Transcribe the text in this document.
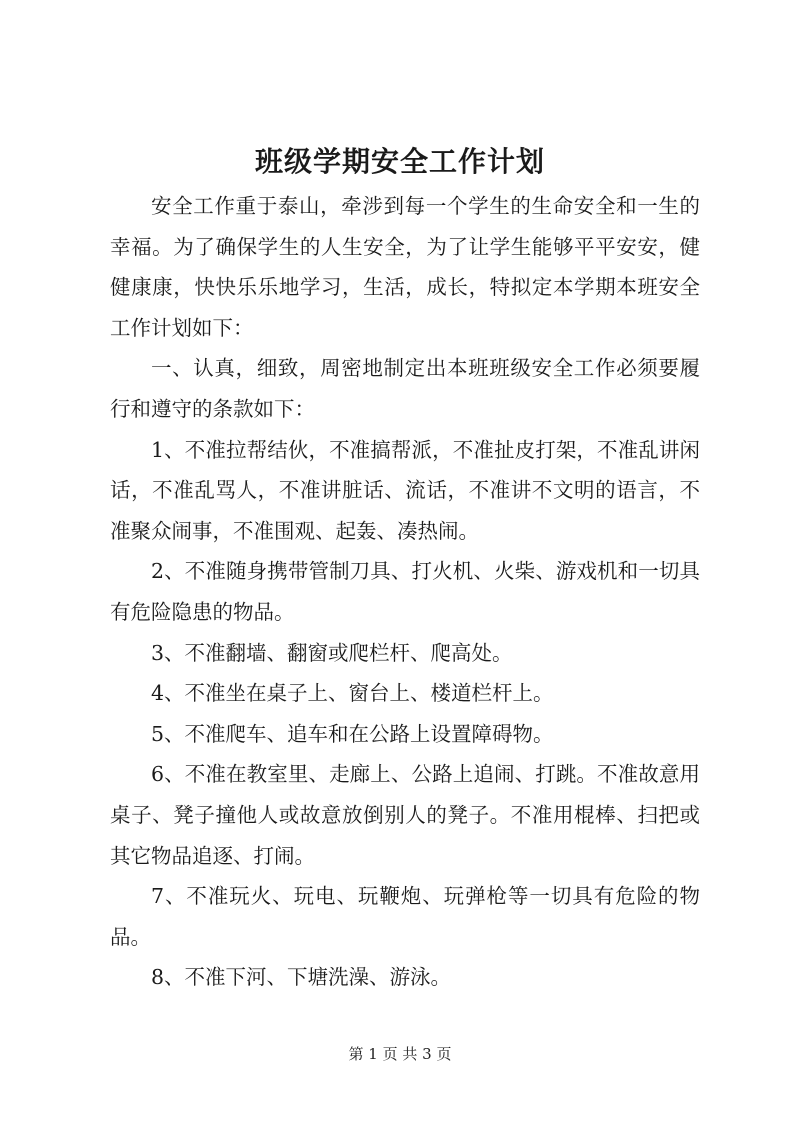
班级学期安全工作计划

安全工作重于泰山，牵涉到每一个学生的生命安全和一生的幸福。为了确保学生的人生安全，为了让学生能够平平安安，健健康康，快快乐乐地学习，生活，成长，特拟定本学期本班安全工作计划如下：

一、认真，细致，周密地制定出本班班级安全工作必须要履行和遵守的条款如下：

1、不准拉帮结伙，不准搞帮派，不准扯皮打架，不准乱讲闲话，不准乱骂人，不准讲脏话、流话，不准讲不文明的语言，不准聚众闹事，不准围观、起轰、凑热闹。

2、不准随身携带管制刀具、打火机、火柴、游戏机和一切具有危险隐患的物品。

3、不准翻墙、翻窗或爬栏杆、爬高处。

4、不准坐在桌子上、窗台上、楼道栏杆上。

5、不准爬车、追车和在公路上设置障碍物。

6、不准在教室里、走廊上、公路上追闹、打跳。不准故意用桌子、凳子撞他人或故意放倒别人的凳子。不准用棍棒、扫把或其它物品追逐、打闹。

7、不准玩火、玩电、玩鞭炮、玩弹枪等一切具有危险的物品。

8、不准下河、下塘洗澡、游泳。

第 1 页 共 3 页
